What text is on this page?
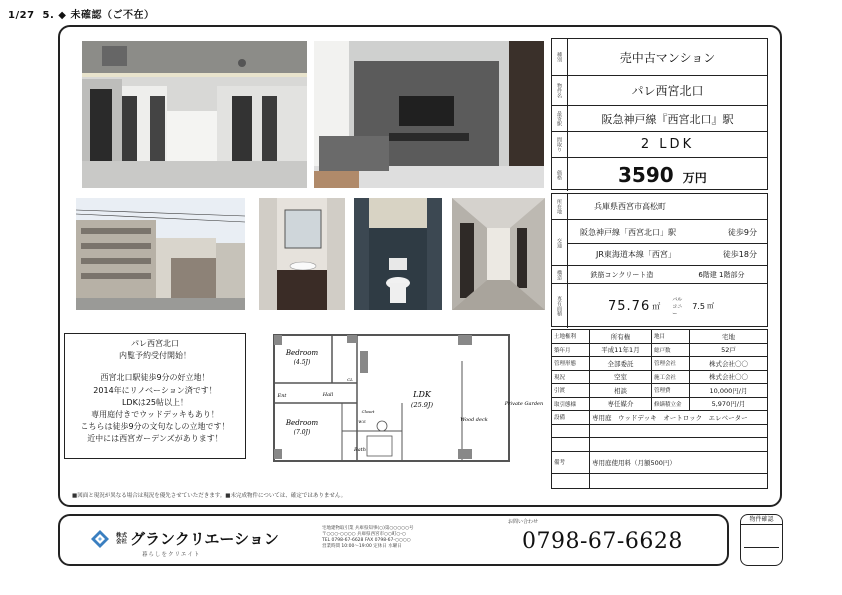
1/27 5. ◆ 未確認（ご不在）
種別	売中古マンション
物件名	パレ西宮北口
最寄駅	阪急神戸線『西宮北口』駅
間取り	2 LDK
価格	3590 万円
所在地	兵庫県西宮市高松町
交通
阪急神戸線「西宮北口」駅	徒歩9分
JR東海道本線「西宮」	徒歩18分
構造	鉄筋コンクリート造	6階建 1階部分
専有面積	75.76 ㎡
バルコニー
7.5 ㎡
土地権利	所有権	地目	宅地
築年月	平成11年1月	総戸数	52戸
管理形態	全部委託	管理会社	株式会社〇〇
現況	空室	施工会社	株式会社〇〇
引渡	相談	管理費	10,000円/月
取引態様	専任媒介	修繕積立金	5,970円/月
設備	専用庭　ウッドデッキ　オートロック　エレベーター
備考	専用庭使用料（月額500円）

パレ西宮北口

内覧予約受付開始！

西宮北口駅徒歩9分の好立地！

2014年にリノベーション済です！

LDKは25帖以上！

専用庭付きでウッドデッキもあり！

こちらは徒歩9分の文句なしの立地です！

近中には西宮ガーデンズがあります！

Bedroom
(4.5J)
Bedroom
(7.0J)
LDK
(25.9J)
Wood deck
Private Garden
Hall
Ent
Bath
Closet
W.S
CL
■図面と現況が異なる場合は現況を優先させていただきます。■未完成物件については、確定ではありません。
株式
会社 グランクリエーション
暮らしをクリエイト
宅地建物取引業 兵庫県知事(○)第○○○○○号
〒○○○-○○○○ 兵庫県西宮市○○町○-○
TEL 0798-67-6628 FAX 0798-67-○○○○
営業時間 10:00〜19:00 定休日 水曜日
お問い合わせ
0798-67-6628
物件確認
